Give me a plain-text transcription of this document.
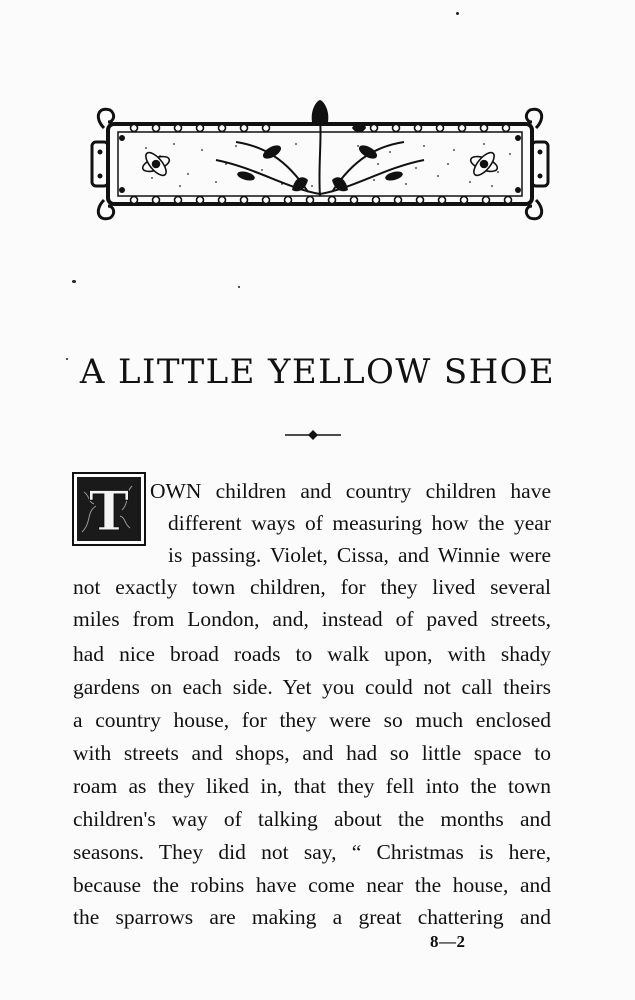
A LITTLE YELLOW SHOE
T OWN children and country children have
different ways of measuring how the year
is passing. Violet, Cissa, and Winnie were
not exactly town children, for they lived several
miles from London, and, instead of paved streets,
had nice broad roads to walk upon, with shady
gardens on each side. Yet you could not call theirs
a country house, for they were so much enclosed
with streets and shops, and had so little space to
roam as they liked in, that they fell into the town
children's way of talking about the months and
seasons. They did not say, “ Christmas is here,
because the robins have come near the house, and
the sparrows are making a great chattering and
8—2
